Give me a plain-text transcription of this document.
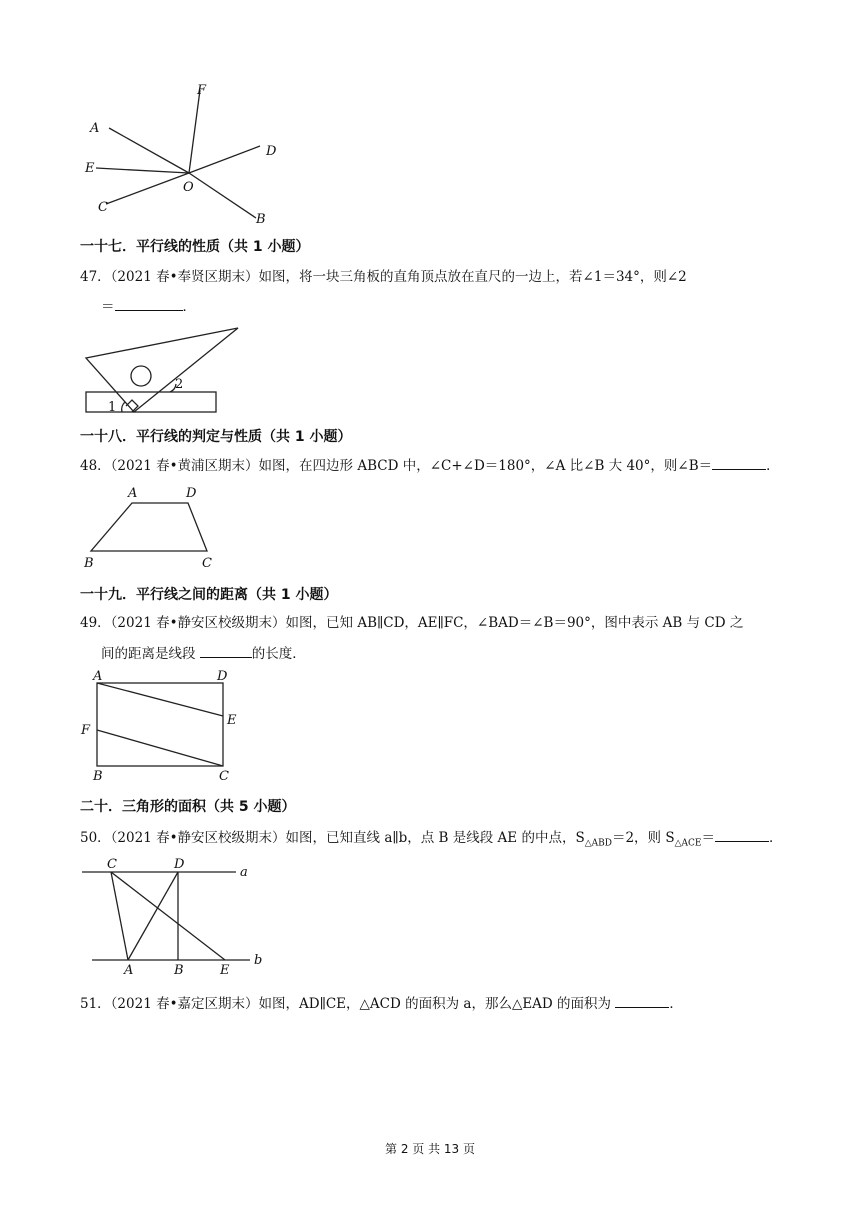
F
A
D
E
O
C
B
一十七．平行线的性质（共 1 小题）
47．（2021 春•奉贤区期末）如图，将一块三角板的直角顶点放在直尺的一边上，若∠1＝34°，则∠2
＝	．
2
1
一十八．平行线的判定与性质（共 1 小题）
48．（2021 春•黄浦区期末）如图，在四边形 ABCD 中，∠C+∠D＝180°，∠A 比∠B 大 40°，则∠B＝	．
A	D
B	C
一十九．平行线之间的距离（共 1 小题）
49．（2021 春•静安区校级期末）如图，已知 AB∥CD，AE∥FC，∠BAD＝∠B＝90°，图中表示 AB 与 CD 之
间的距离是线段	的长度．
A	D
E
F
B	C
二十．三角形的面积（共 5 小题）
50．（2021 春•静安区校级期末）如图，已知直线 a∥b，点 B 是线段 AE 的中点，$S_{\triangle ABD}=2$，则 $S_{\triangle ACE}=$	．
C	D
a
A	B	E
b
51．（2021 春•嘉定区期末）如图，AD∥CE，△ACD 的面积为 a，那么△EAD 的面积为	．
第 2 页 共 13 页
